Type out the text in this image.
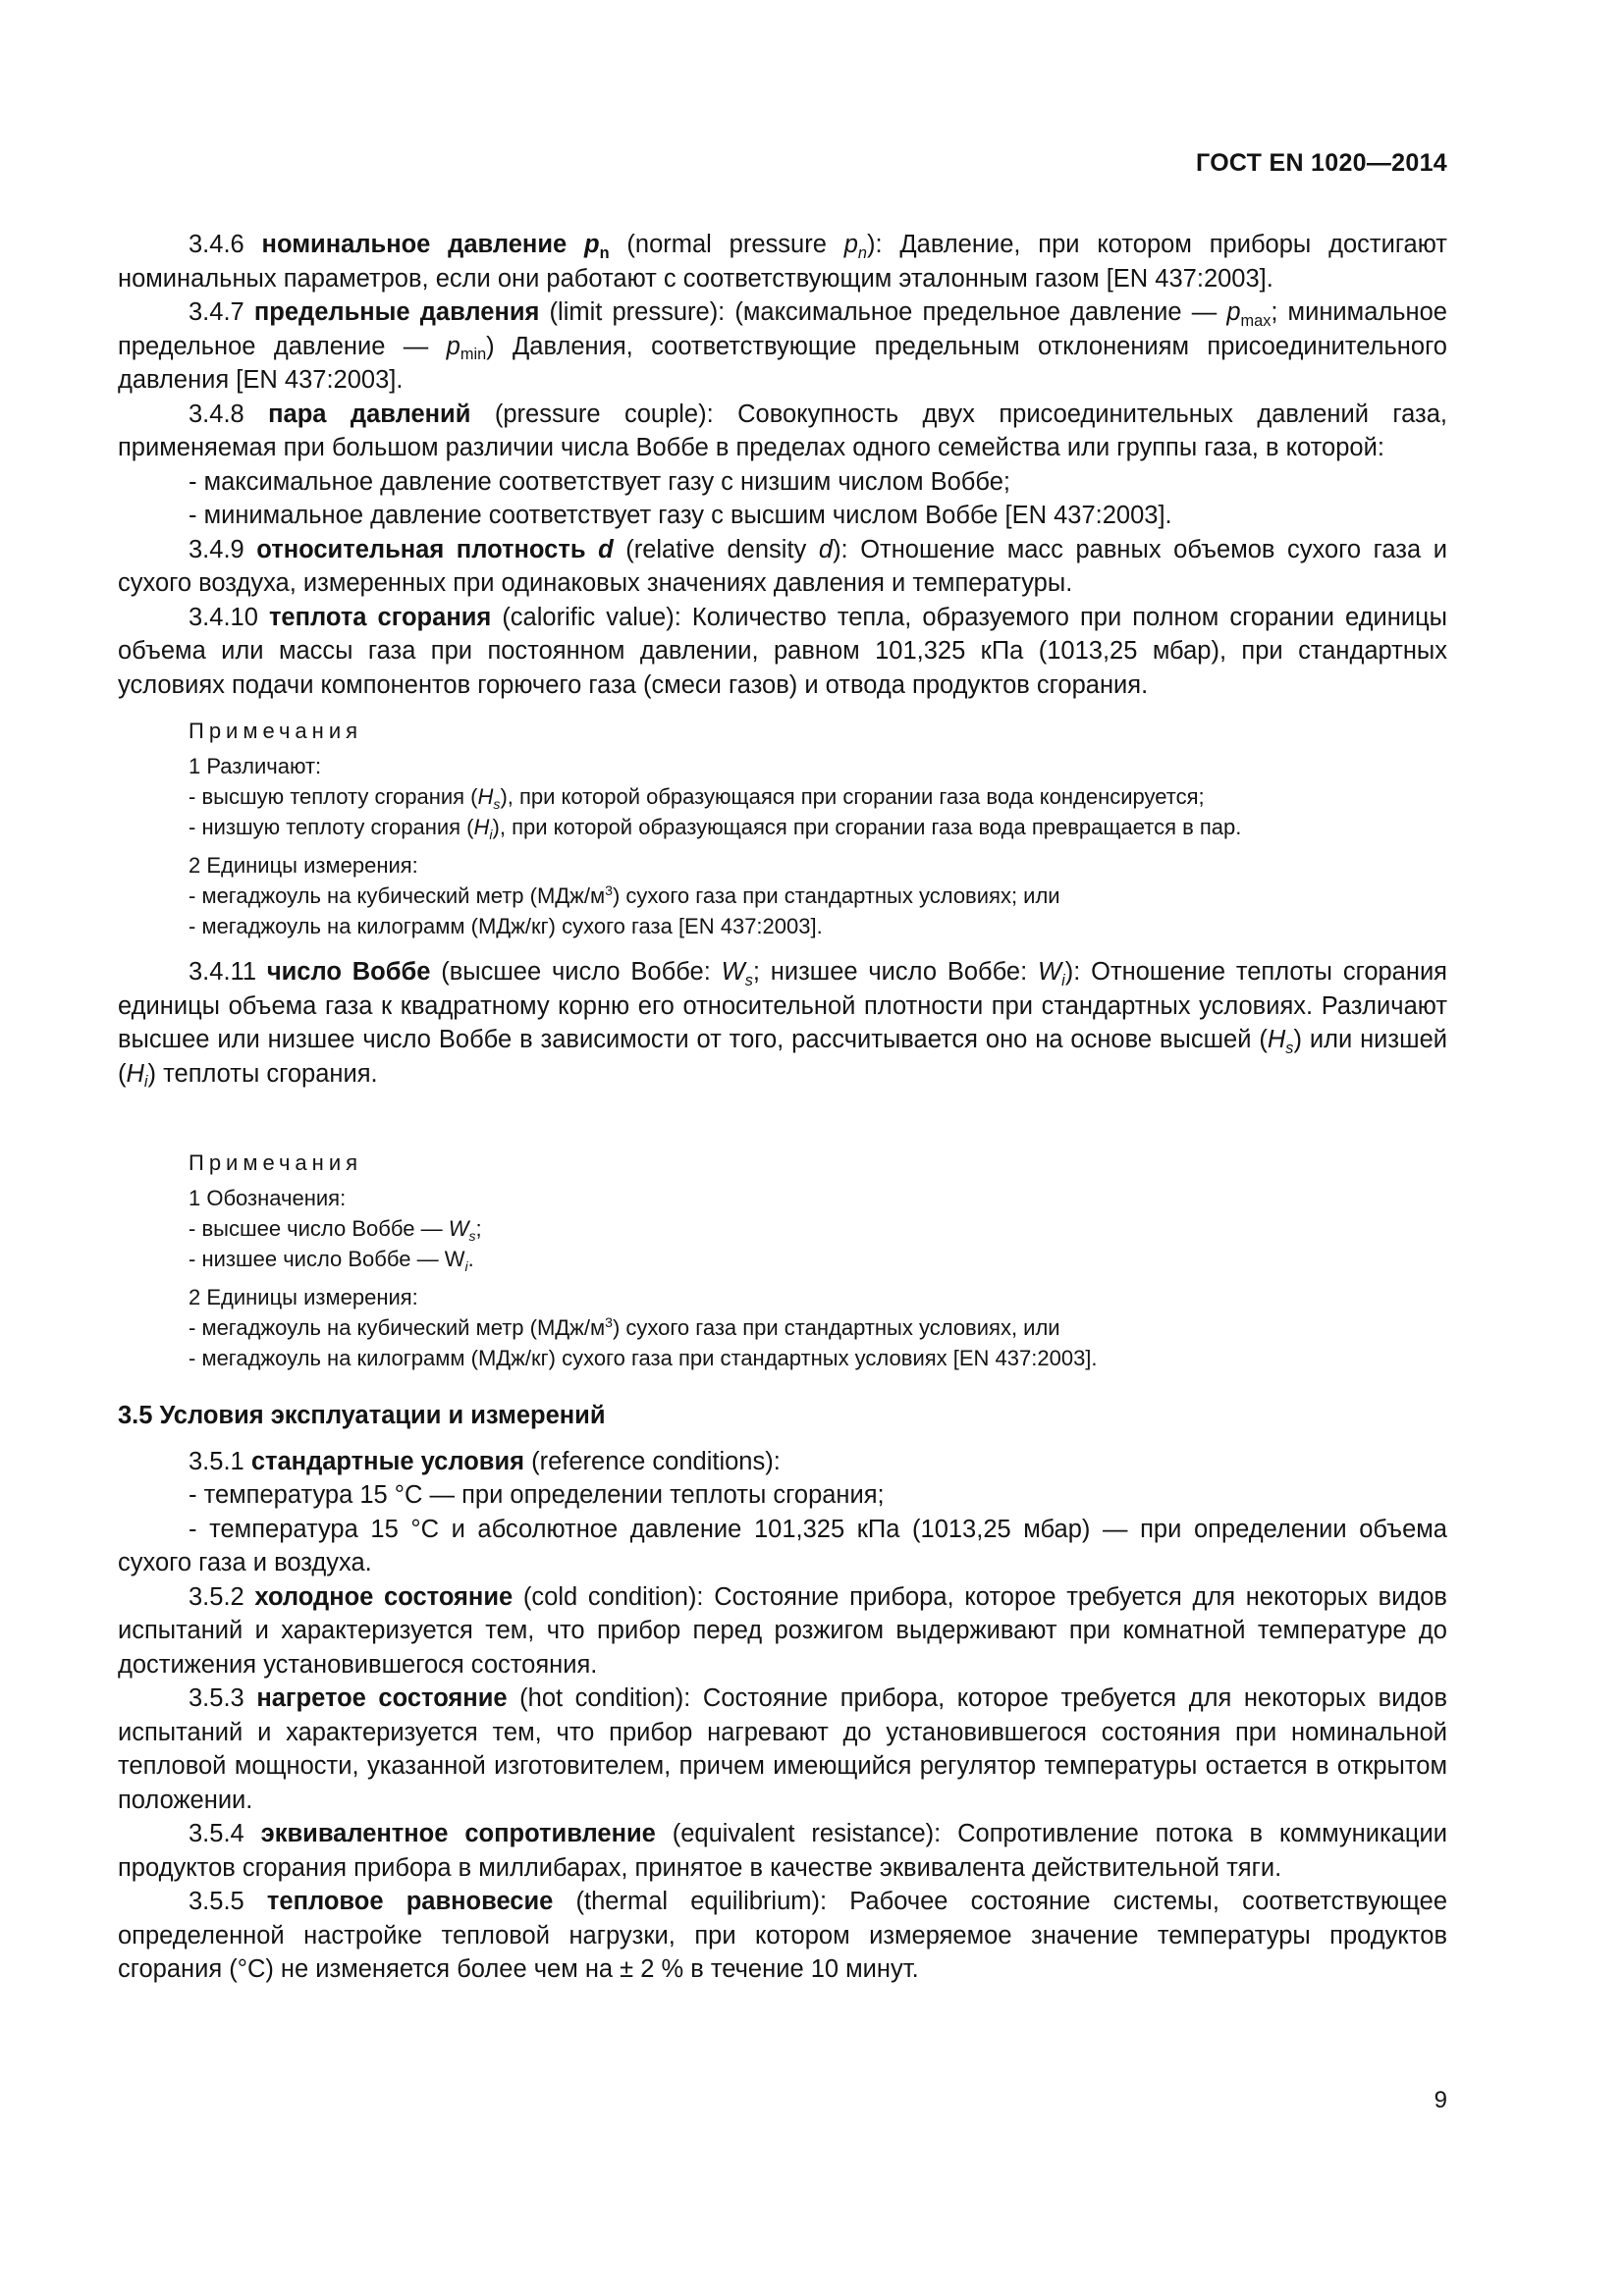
ГОСТ EN 1020—2014

3.4.6 номинальное давление $p_n$ (normal pressure $p_n$): Давление, при котором приборы достигают номинальных параметров, если они работают с соответствующим эталонным газом [EN 437:2003].

3.4.7 предельные давления (limit pressure): (максимальное предельное давление — $p_{max}$; минимальное предельное давление — $p_{min}$) Давления, соответствующие предельным отклонениям присоединительного давления [EN 437:2003].

3.4.8 пара давлений (pressure couple): Совокупность двух присоединительных давлений газа, применяемая при большом различии числа Воббе в пределах одного семейства или группы газа, в которой:

- максимальное давление соответствует газу с низшим числом Воббе;

- минимальное давление соответствует газу с высшим числом Воббе [EN 437:2003].

3.4.9 относительная плотность d (relative density d): Отношение масс равных объемов сухого газа и сухого воздуха, измеренных при одинаковых значениях давления и температуры.

3.4.10 теплота сгорания (calorific value): Количество тепла, образуемого при полном сгорании единицы объема или массы газа при постоянном давлении, равном 101,325 кПа (1013,25 мбар), при стандартных условиях подачи компонентов горючего газа (смеси газов) и отвода продуктов сгорания.

Примечания

1 Различают:

- высшую теплоту сгорания $(H_s)$, при которой образующаяся при сгорании газа вода конденсируется;

- низшую теплоту сгорания $(H_i)$, при которой образующаяся при сгорании газа вода превращается в пар.

2 Единицы измерения:

- мегаджоуль на кубический метр $(МДж/м^3)$ сухого газа при стандартных условиях; или

- мегаджоуль на килограмм (МДж/кг) сухого газа [EN 437:2003].

3.4.11 число Воббе (высшее число Воббе: $W_s$; низшее число Воббе: $W_i$): Отношение теплоты сгорания единицы объема газа к квадратному корню его относительной плотности при стандартных условиях. Различают высшее или низшее число Воббе в зависимости от того, рассчитывается оно на основе высшей $(H_s)$ или низшей $(H_i)$ теплоты сгорания.

Примечания

1 Обозначения:

- высшее число Воббе — $W_s$;

- низшее число Воббе — $W_i$.

2 Единицы измерения:

- мегаджоуль на кубический метр $(МДж/м^3)$ сухого газа при стандартных условиях, или

- мегаджоуль на килограмм (МДж/кг) сухого газа при стандартных условиях [EN 437:2003].

3.5 Условия эксплуатации и измерений

3.5.1 стандартные условия (reference conditions):

- температура 15 °С — при определении теплоты сгорания;

- температура 15 °С и абсолютное давление 101,325 кПа (1013,25 мбар) — при определении объема сухого газа и воздуха.

3.5.2 холодное состояние (cold condition): Состояние прибора, которое требуется для некоторых видов испытаний и характеризуется тем, что прибор перед розжигом выдерживают при комнатной температуре до достижения установившегося состояния.

3.5.3 нагретое состояние (hot condition): Состояние прибора, которое требуется для некоторых видов испытаний и характеризуется тем, что прибор нагревают до установившегося состояния при номинальной тепловой мощности, указанной изготовителем, причем имеющийся регулятор температуры остается в открытом положении.

3.5.4 эквивалентное сопротивление (equivalent resistance): Сопротивление потока в коммуникации продуктов сгорания прибора в миллибарах, принятое в качестве эквивалента действительной тяги.

3.5.5 тепловое равновесие (thermal equilibrium): Рабочее состояние системы, соответствующее определенной настройке тепловой нагрузки, при котором измеряемое значение температуры продуктов сгорания (°С) не изменяется более чем на ± 2 % в течение 10 минут.

9
